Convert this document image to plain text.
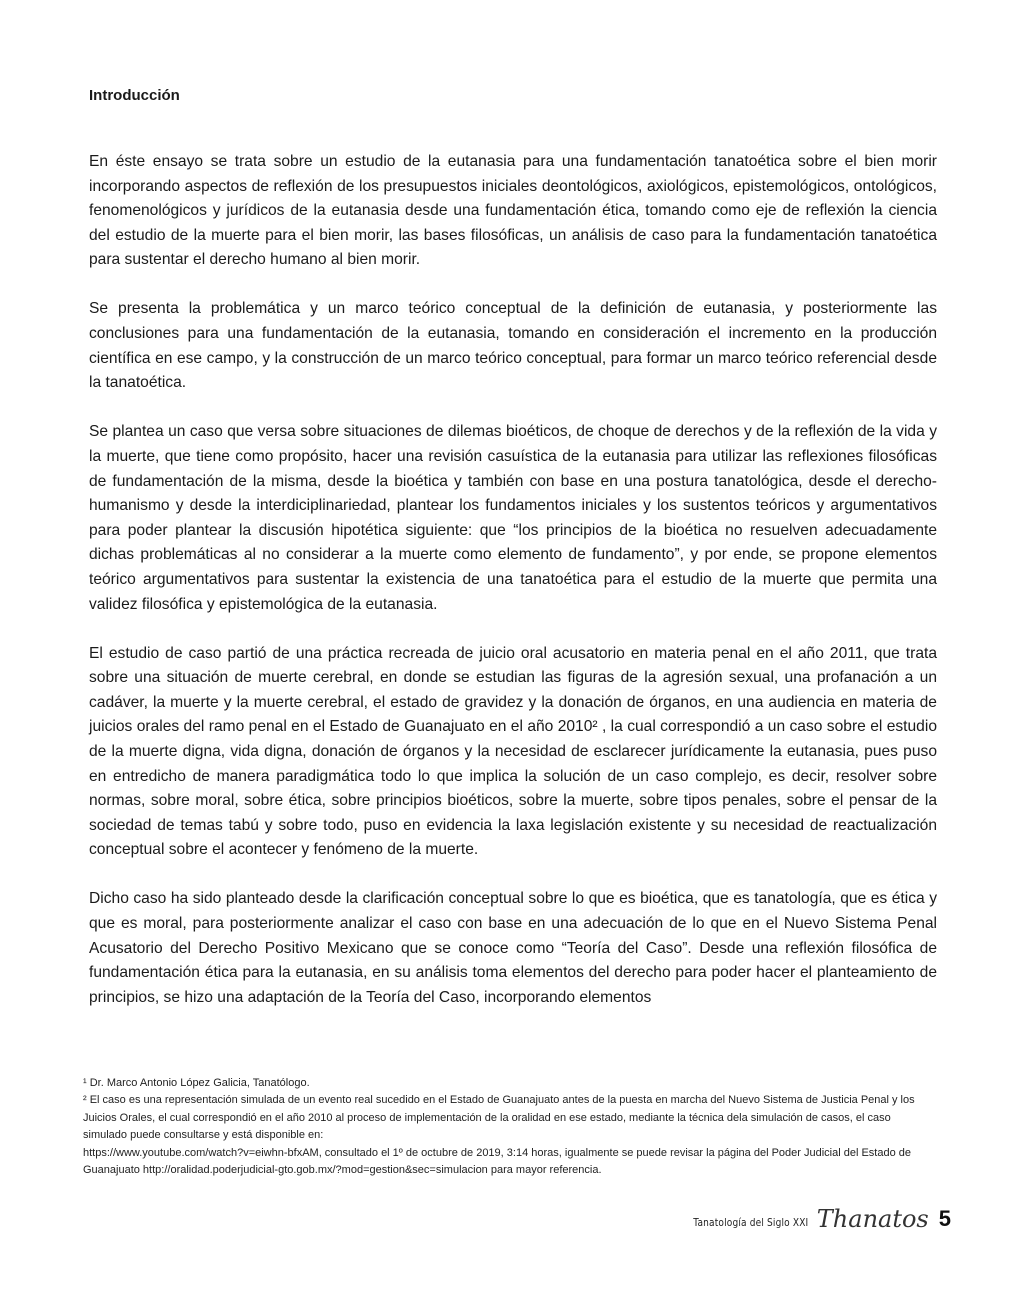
Introducción

En éste ensayo se trata sobre un estudio de la eutanasia para una fundamentación tanatoética sobre el bien morir incorporando aspectos de reflexión de los presupuestos iniciales deontológicos, axiológicos, epistemológicos, ontológicos, fenomenológicos y jurídicos de la eutanasia desde una fundamentación ética, tomando como eje de reflexión la ciencia del estudio de la muerte para el bien morir, las bases filosóficas, un análisis de caso para la fundamentación tanatoética para sustentar el derecho humano al bien morir.

Se presenta la problemática y un marco teórico conceptual de la definición de eutanasia, y posteriormente las conclusiones para una fundamentación de la eutanasia, tomando en consideración el incremento en la producción científica en ese campo, y la construcción de un marco teórico conceptual, para formar un marco teórico referencial desde la tanatoética.

Se plantea un caso que versa sobre situaciones de dilemas bioéticos, de choque de derechos y de la reflexión de la vida y la muerte, que tiene como propósito, hacer una revisión casuística de la eutanasia para utilizar las reflexiones filosóficas de fundamentación de la misma, desde la bioética y también con base en una postura tanatológica, desde el derecho-humanismo y desde la interdiciplinariedad, plantear los fundamentos iniciales y los sustentos teóricos y argumentativos para poder plantear la discusión hipotética siguiente: que “los principios de la bioética no resuelven adecuadamente dichas problemáticas al no considerar a la muerte como elemento de fundamento”, y por ende, se propone elementos teórico argumentativos para sustentar la existencia de una tanatoética para el estudio de la muerte que permita una validez filosófica y epistemológica de la eutanasia.

El estudio de caso partió de una práctica recreada de juicio oral acusatorio en materia penal en el año 2011, que trata sobre una situación de muerte cerebral, en donde se estudian las figuras de la agresión sexual, una profanación a un cadáver, la muerte y la muerte cerebral, el estado de gravidez y la donación de órganos, en una audiencia en materia de juicios orales del ramo penal en el Estado de Guanajuato en el año 2010² , la cual correspondió a un caso sobre el estudio de la muerte digna, vida digna, donación de órganos y la necesidad de esclarecer jurídicamente la eutanasia, pues puso en entredicho de manera paradigmática todo lo que implica la solución de un caso complejo, es decir, resolver sobre normas, sobre moral, sobre ética, sobre principios bioéticos, sobre la muerte, sobre tipos penales, sobre el pensar de la sociedad de temas tabú y sobre todo, puso en evidencia la laxa legislación existente y su necesidad de reactualización conceptual sobre el acontecer y fenómeno de la muerte.

Dicho caso ha sido planteado desde la clarificación conceptual sobre lo que es bioética, que es tanatología, que es ética y que es moral, para posteriormente analizar el caso con base en una adecuación de lo que en el Nuevo Sistema Penal Acusatorio del Derecho Positivo Mexicano que se conoce como “Teoría del Caso”. Desde una reflexión filosófica de fundamentación ética para la eutanasia, en su análisis toma elementos del derecho para poder hacer el planteamiento de principios, se hizo una adaptación de la Teoría del Caso, incorporando elementos

¹ Dr. Marco Antonio López Galicia, Tanatólogo.

² El caso es una representación simulada de un evento real sucedido en el Estado de Guanajuato antes de la puesta en marcha del Nuevo Sistema de Justicia Penal y los Juicios Orales, el cual correspondió en el año 2010 al proceso de implementación de la oralidad en ese estado, mediante la técnica dela simulación de casos, el caso simulado puede consultarse y está disponible en:

https://www.youtube.com/watch?v=eiwhn-bfxAM, consultado el 1º de octubre de 2019, 3:14 horas, igualmente se puede revisar la página del Poder Judicial del Estado de Guanajuato http://oralidad.poderjudicial-gto.gob.mx/?mod=gestion&sec=simulacion para mayor referencia.

Tanatología del Siglo XXI Thanatos 5
